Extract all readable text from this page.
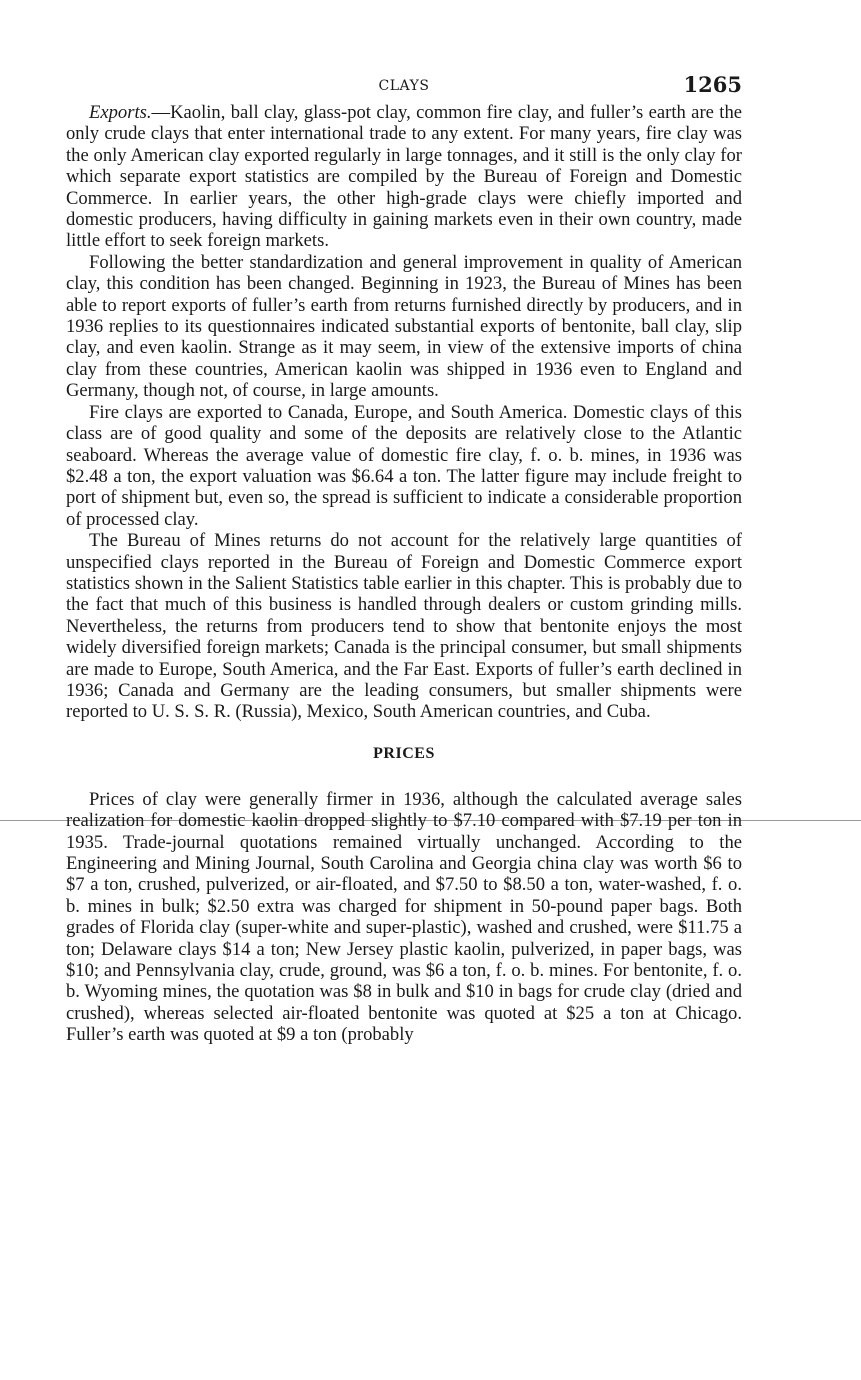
CLAYS	1265

Exports.—Kaolin, ball clay, glass-pot clay, common fire clay, and fuller’s earth are the only crude clays that enter international trade to any extent. For many years, fire clay was the only American clay exported regularly in large tonnages, and it still is the only clay for which separate export statistics are compiled by the Bureau of Foreign and Domestic Commerce. In earlier years, the other high-grade clays were chiefly imported and domestic producers, having difficulty in gaining markets even in their own country, made little effort to seek foreign markets.

Following the better standardization and general improvement in quality of American clay, this condition has been changed. Beginning in 1923, the Bureau of Mines has been able to report exports of fuller’s earth from returns furnished directly by producers, and in 1936 replies to its questionnaires indicated substantial exports of bentonite, ball clay, slip clay, and even kaolin. Strange as it may seem, in view of the extensive imports of china clay from these countries, American kaolin was shipped in 1936 even to England and Germany, though not, of course, in large amounts.

Fire clays are exported to Canada, Europe, and South America. Domestic clays of this class are of good quality and some of the deposits are relatively close to the Atlantic seaboard. Whereas the average value of domestic fire clay, f. o. b. mines, in 1936 was $2.48 a ton, the export valuation was $6.64 a ton. The latter figure may include freight to port of shipment but, even so, the spread is sufficient to indicate a considerable proportion of processed clay.

The Bureau of Mines returns do not account for the relatively large quantities of unspecified clays reported in the Bureau of Foreign and Domestic Commerce export statistics shown in the Salient Statistics table earlier in this chapter. This is probably due to the fact that much of this business is handled through dealers or custom grinding mills. Nevertheless, the returns from producers tend to show that bentonite enjoys the most widely diversified foreign markets; Canada is the principal consumer, but small shipments are made to Europe, South America, and the Far East. Exports of fuller’s earth declined in 1936; Canada and Germany are the leading consumers, but smaller shipments were reported to U. S. S. R. (Russia), Mexico, South American countries, and Cuba.

PRICES

Prices of clay were generally firmer in 1936, although the calculated average sales realization for domestic kaolin dropped slightly to $7.10 compared with $7.19 per ton in 1935. Trade-journal quotations remained virtually unchanged. According to the Engineering and Mining Journal, South Carolina and Georgia china clay was worth $6 to $7 a ton, crushed, pulverized, or air-floated, and $7.50 to $8.50 a ton, water-washed, f. o. b. mines in bulk; $2.50 extra was charged for shipment in 50-pound paper bags. Both grades of Florida clay (super-white and super-plastic), washed and crushed, were $11.75 a ton; Delaware clays $14 a ton; New Jersey plastic kaolin, pulverized, in paper bags, was $10; and Pennsylvania clay, crude, ground, was $6 a ton, f. o. b. mines. For bentonite, f. o. b. Wyoming mines, the quotation was $8 in bulk and $10 in bags for crude clay (dried and crushed), whereas selected air-floated bentonite was quoted at $25 a ton at Chicago. Fuller’s earth was quoted at $9 a ton (probably
